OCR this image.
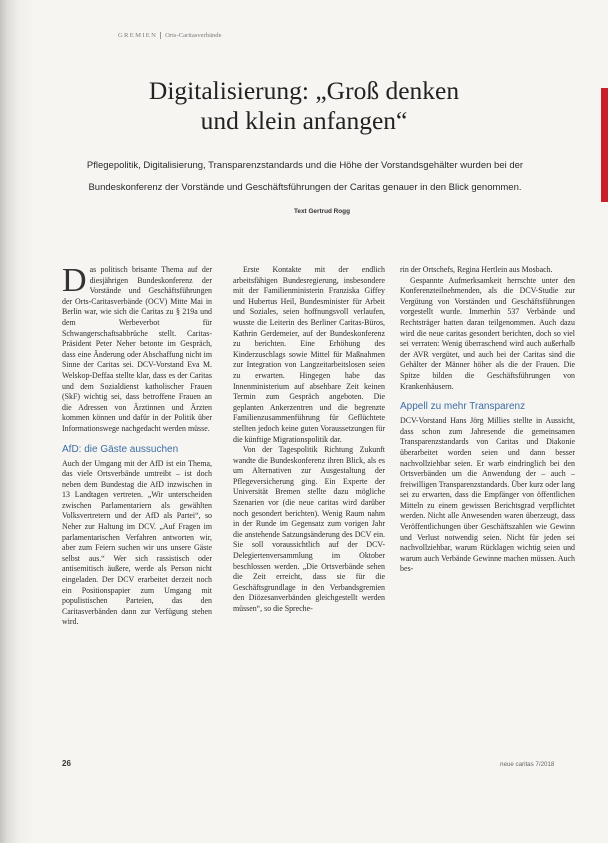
GREMIEN Orts-Caritasverbände
Digitalisierung: „Groß denken
und klein anfangen“
Pflegepolitik, Digitalisierung, Transparenzstandards und die Höhe der Vorstandsgehälter wurden bei der Bundeskonferenz der Vorstände und Geschäftsführungen der Caritas genauer in den Blick genommen.
Text Gertrud Rogg

Das politisch brisante Thema auf der diesjährigen Bundeskonferenz der Vorstände und Geschäftsführungen der Orts-Caritasverbände (OCV) Mitte Mai in Berlin war, wie sich die Caritas zu § 219a und dem Werbeverbot für Schwangerschaftsabbrüche stellt. Caritas-Präsident Peter Neher betonte im Gespräch, dass eine Änderung oder Abschaffung nicht im Sinne der Caritas sei. DCV-Vorstand Eva M. Welskop-Deffaa stellte klar, dass es der Caritas und dem Sozialdienst katholischer Frauen (SkF) wichtig sei, dass betroffene Frauen an die Adressen von Ärztinnen und Ärzten kommen können und dafür in der Politik über Informationswege nachgedacht werden müsse.

AfD: die Gäste aussuchen

Auch der Umgang mit der AfD ist ein Thema, das viele Ortsverbände umtreibt – ist doch neben dem Bundestag die AfD inzwischen in 13 Landtagen vertreten. „Wir unterscheiden zwischen Parlamentariern als gewählten Volksvertretern und der AfD als Partei“, so Neher zur Haltung im DCV. „Auf Fragen im parlamentarischen Verfahren antworten wir, aber zum Feiern suchen wir uns unsere Gäste selbst aus.“ Wer sich rassistisch oder antisemitisch äußere, werde als Person nicht eingeladen. Der DCV erarbeitet derzeit noch ein Positionspapier zum Umgang mit populistischen Parteien, das den Caritasverbänden dann zur Verfügung stehen wird.

Erste Kontakte mit der endlich arbeitsfähigen Bundesregierung, insbesondere mit der Familienministerin Franziska Giffey und Hubertus Heil, Bundesminister für Arbeit und Soziales, seien hoffnungsvoll verlaufen, wusste die Leiterin des Berliner Caritas-Büros, Kathrin Gerdemeier, auf der Bundeskonferenz zu berichten. Eine Erhöhung des Kinderzuschlags sowie Mittel für Maßnahmen zur Integration von Langzeitarbeitslosen seien zu erwarten. Hingegen habe das Innenministerium auf absehbare Zeit keinen Termin zum Gespräch angeboten. Die geplanten Ankerzentren und die begrenzte Familienzusammenführung für Geflüchtete stellten jedoch keine guten Voraussetzungen für die künftige Migrationspolitik dar.

Von der Tagespolitik Richtung Zukunft wandte die Bundeskonferenz ihren Blick, als es um Alternativen zur Ausgestaltung der Pflegeversicherung ging. Ein Experte der Universität Bremen stellte dazu mögliche Szenarien vor (die neue caritas wird darüber noch gesondert berichten). Wenig Raum nahm in der Runde im Gegensatz zum vorigen Jahr die anstehende Satzungsänderung des DCV ein. Sie soll voraussichtlich auf der DCV-Delegiertenversammlung im Oktober beschlossen werden. „Die Ortsverbände sehen die Zeit erreicht, dass sie für die Geschäftsgrundlage in den Verbandsgremien den Diözesanverbänden gleichgestellt werden müssen“, so die Spreche-

rin der Ortschefs, Regina Hertlein aus Mosbach.

Gespannte Aufmerksamkeit herrschte unter den Konferenzteilnehmenden, als die DCV-Studie zur Vergütung von Vorständen und Geschäftsführungen vorgestellt wurde. Immerhin 537 Verbände und Rechtsträger hatten daran teilgenommen. Auch dazu wird die neue caritas gesondert berichten, doch so viel sei verraten: Wenig überraschend wird auch außerhalb der AVR vergütet, und auch bei der Caritas sind die Gehälter der Männer höher als die der Frauen. Die Spitze bilden die Geschäftsführungen von Krankenhäusern.

Appell zu mehr Transparenz

DCV-Vorstand Hans Jörg Millies stellte in Aussicht, dass schon zum Jahresende die gemeinsamen Transparenzstandards von Caritas und Diakonie überarbeitet worden seien und dann besser nachvollziehbar seien. Er warb eindringlich bei den Ortsverbänden um die Anwendung der – auch – freiwilligen Transparenzstandards. Über kurz oder lang sei zu erwarten, dass die Empfänger von öffentlichen Mitteln zu einem gewissen Berichtsgrad verpflichtet werden. Nicht alle Anwesenden waren überzeugt, dass Veröffentlichungen über Geschäftszahlen wie Gewinn und Verlust notwendig seien. Nicht für jeden sei nachvollziehbar, warum Rücklagen wichtig seien und warum auch Verbände Gewinne machen müssen. Auch bes-

26	neue caritas 7/2018
